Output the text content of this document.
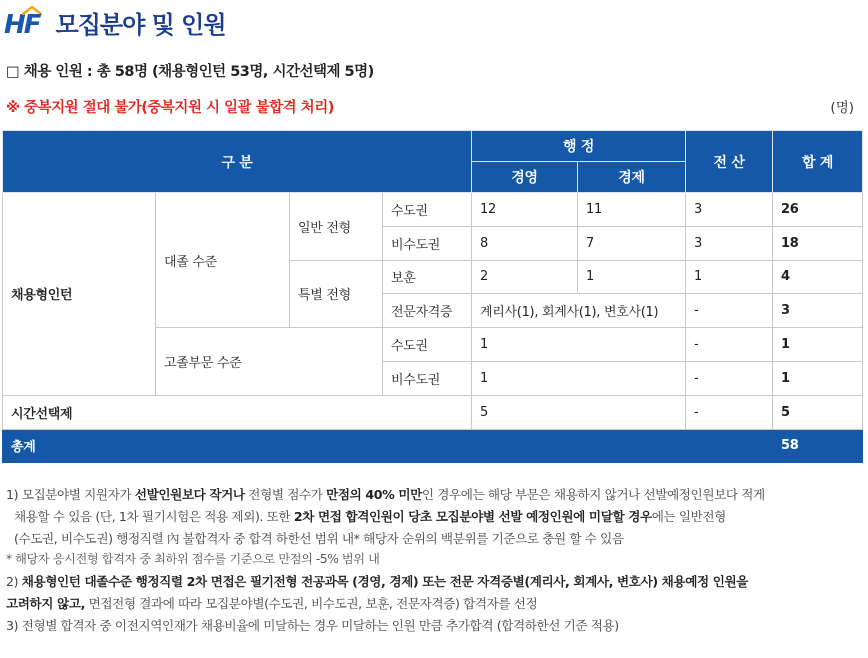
H F 모집분야 및 인원
□ 채용 인원 : 총 58명 (채용형인턴 53명, 시간선택제 5명)
※ 중복지원 절대 불가(중복지원 시 일괄 불합격 처리)	(명)
구 분				행 정		전 산	합 계
				경영	경제		
채용형인턴	대졸 수준	일반 전형	수도권	12	11	3	26
			비수도권	8	7	3	18
		특별 전형	보훈	2	1	1	4
			전문자격증	계리사(1), 회계사(1), 변호사(1)		-	3
	고졸부문 수준		수도권	1		-	1
			비수도권	1		-	1
시간선택제				5		-	5
총계							58
1) 모집분야별 지원자가 선발인원보다 작거나 전형별 점수가 만점의 40% 미만인 경우에는 해당 부문은 채용하지 않거나 선발예정인원보다 적게
채용할 수 있음 (단, 1차 필기시험은 적용 제외). 또한 2차 면접 합격인원이 당초 모집분야별 선발 예정인원에 미달할 경우에는 일반전형
(수도권, 비수도권) 행정직렬 內 불합격자 중 합격 하한선 범위 내* 해당자 순위의 백분위를 기준으로 충원 할 수 있음
* 해당자 응시전형 합격자 중 최하위 점수를 기준으로 만점의 -5% 범위 내
2) 채용형인턴 대졸수준 행정직렬 2차 면접은 필기전형 전공과목 (경영, 경제) 또는 전문 자격증별(계리사, 회계사, 변호사) 채용예정 인원을
고려하지 않고, 면접전형 결과에 따라 모집분야별(수도권, 비수도권, 보훈, 전문자격증) 합격자를 선정
3) 전형별 합격자 중 이전지역인재가 채용비율에 미달하는 경우 미달하는 인원 만큼 추가합격 (합격하한선 기준 적용)
